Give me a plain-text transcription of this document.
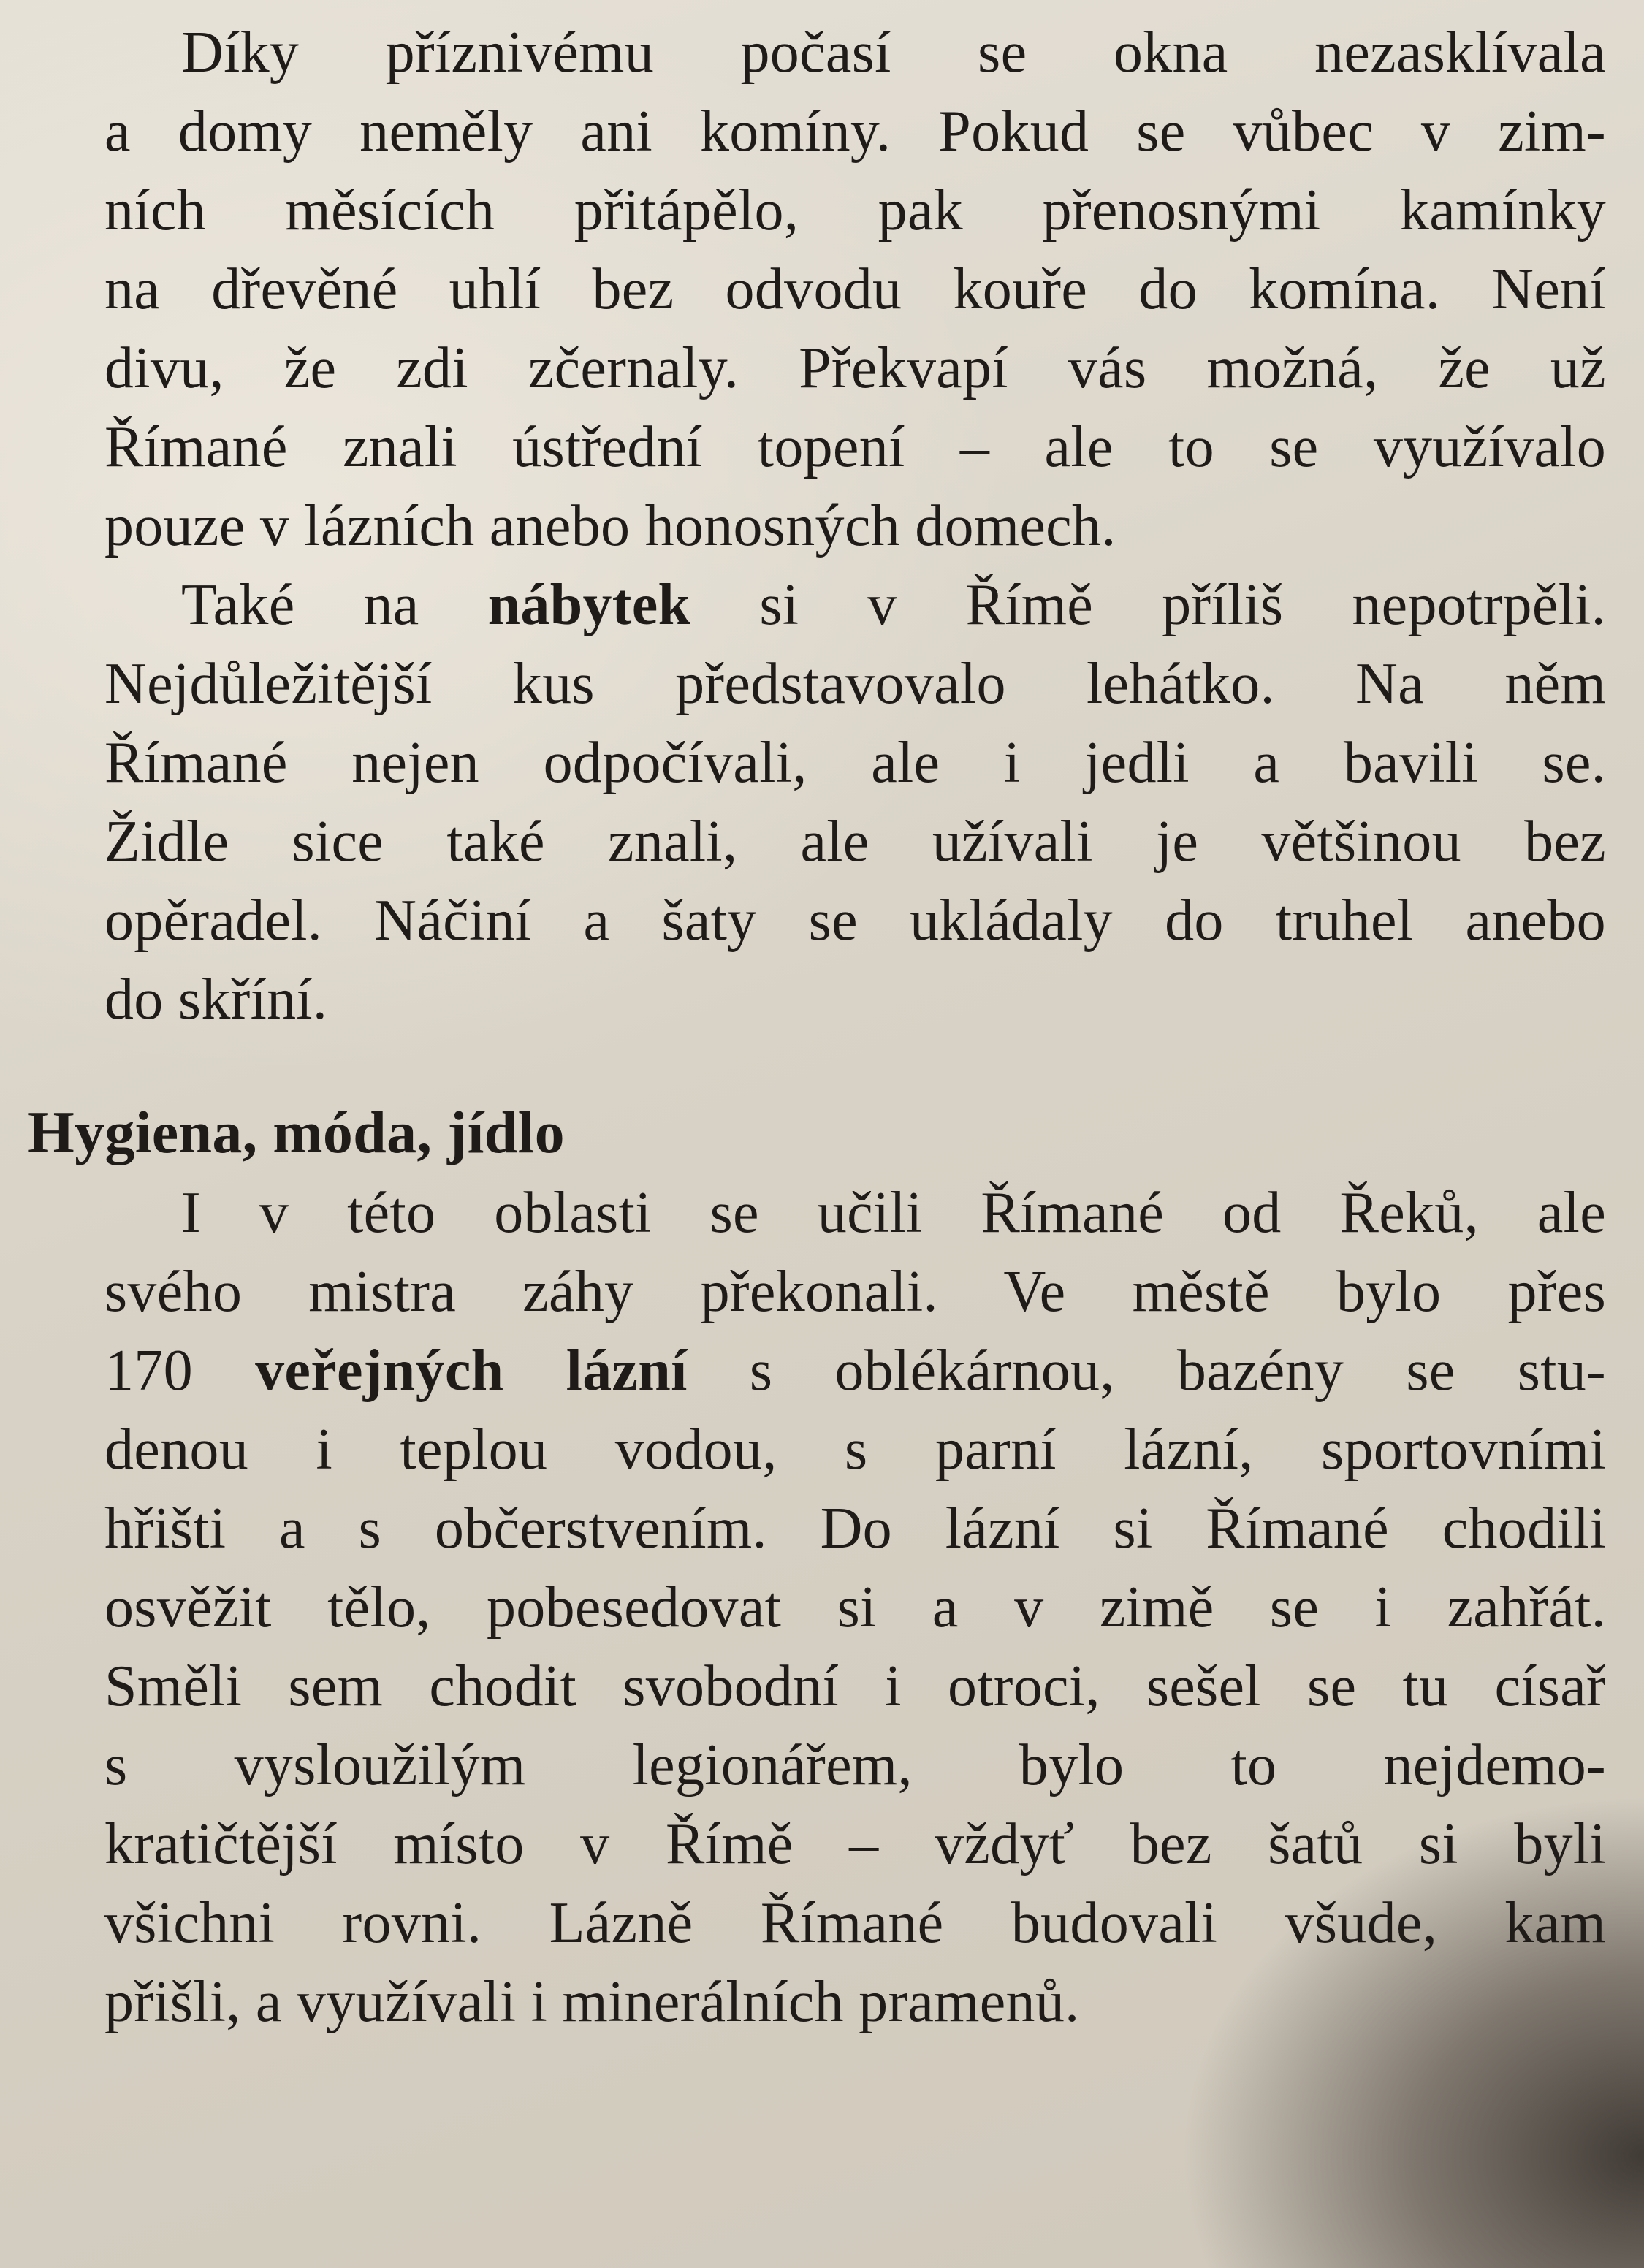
Díky příznivému počasí se okna nezasklívala
a domy neměly ani komíny. Pokud se vůbec v zim-
ních měsících přitápělo, pak přenosnými kamínky
na dřevěné uhlí bez odvodu kouře do komína. Není
divu, že zdi zčernaly. Překvapí vás možná, že už
Římané znali ústřední topení – ale to se využívalo
pouze v lázních anebo honosných domech.
Také na nábytek si v Římě příliš nepotrpěli.
Nejdůležitější kus představovalo lehátko. Na něm
Římané nejen odpočívali, ale i jedli a bavili se.
Židle sice také znali, ale užívali je většinou bez
opěradel. Náčiní a šaty se ukládaly do truhel anebo
do skříní.
Hygiena, móda, jídlo
I v této oblasti se učili Římané od Řeků, ale
svého mistra záhy překonali. Ve městě bylo přes
170 veřejných lázní s oblékárnou, bazény se stu-
denou i teplou vodou, s parní lázní, sportovními
hřišti a s občerstvením. Do lázní si Římané chodili
osvěžit tělo, pobesedovat si a v zimě se i zahřát.
Směli sem chodit svobodní i otroci, sešel se tu císař
s vysloužilým legionářem, bylo to nejdemo-
kratičtější místo v Římě – vždyť bez šatů si byli
všichni rovni. Lázně Římané budovali všude, kam
přišli, a využívali i minerálních pramenů.
